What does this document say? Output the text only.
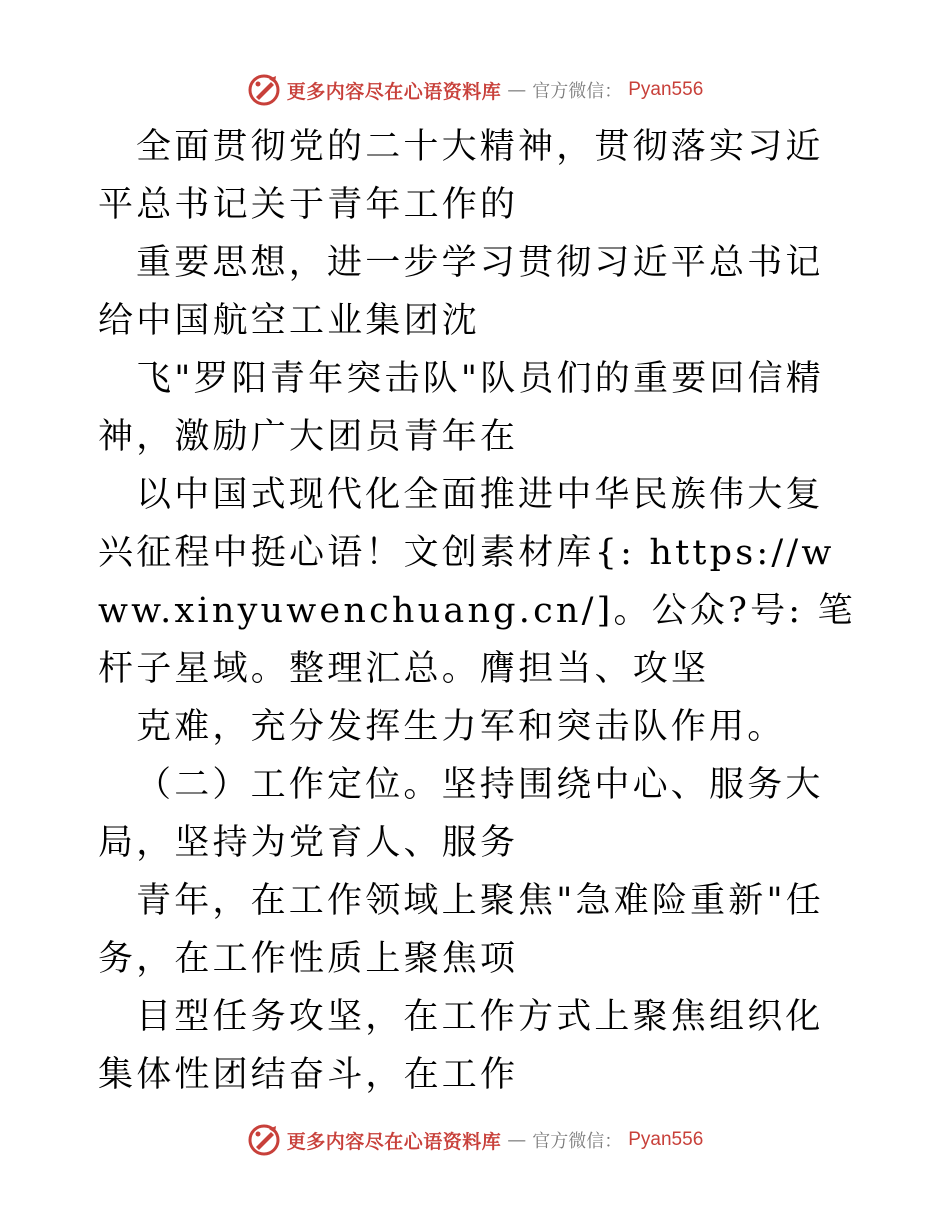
更多内容尽在心语资料库 — 官方微信： Pyan556

全面贯彻党的二十大精神，贯彻落实习近平总书记关于青年工作的

重要思想，进一步学习贯彻习近平总书记给中国航空工业集团沈

飞"罗阳青年突击队"队员们的重要回信精神，激励广大团员青年在

以中国式现代化全面推进中华民族伟大复兴征程中挺心语！文创素材库{: https://www.xinyuwenchuang.cn/]。公众?号: 笔杆子星域。整理汇总。膺担当、攻坚

克难，充分发挥生力军和突击队作用。

（二）工作定位。坚持围绕中心、服务大局，坚持为党育人、服务

青年，在工作领域上聚焦"急难险重新"任务，在工作性质上聚焦项

目型任务攻坚，在工作方式上聚焦组织化集体性团结奋斗，在工作

更多内容尽在心语资料库 — 官方微信： Pyan556
